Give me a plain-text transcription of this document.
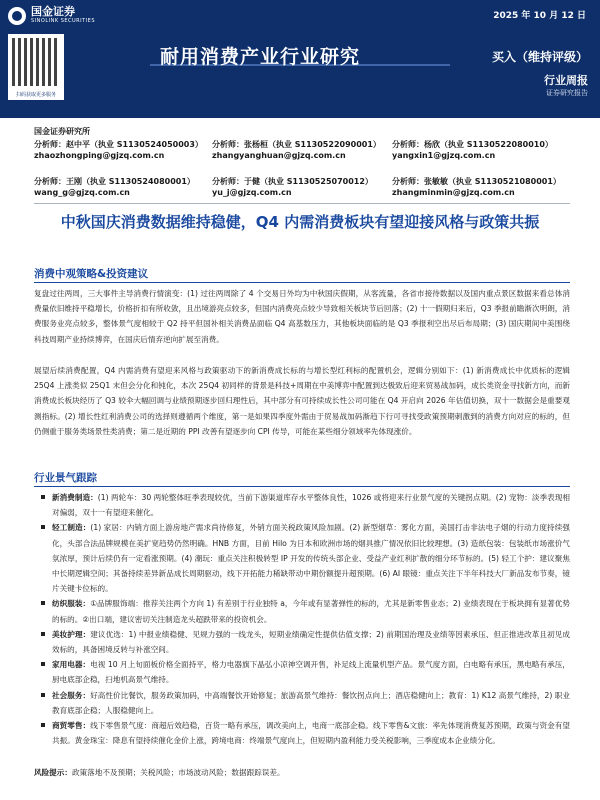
国金证券
SINOLINK SECURITIES
扫码获取更多服务
2025 年 10 月 12 日
耐用消费产业行业研究	买入（维持评级）
行业周报
证券研究报告
国金证券研究所
分析师：赵中平（执业 S1130524050003）
zhaozhongping@gjzq.com.cn
分析师：张杨桓（执业 S1130522090001）
zhangyanghuan@gjzq.com.cn
分析师：杨欣（执业 S1130522080010）
yangxin1@gjzq.com.cn
分析师：王刚（执业 S1130524080001）
wang_g@gjzq.com.cn
分析师：于健（执业 S1130525070012）
yu_j@gjzq.com.cn
分析师：张敏敏（执业 S1130521080001）
zhangminmin@gjzq.com.cn
中秋国庆消费数据维持稳健，Q4 内需消费板块有望迎接风格与政策共振
消费中观策略&投资建议

复盘过往两周，三大事件主导消费行情演变：(1) 过往两周除了 4 个交易日外均为中秋国庆假期，从客流量，各省市接待数据以及国内重点景区数据来看总体消费量依旧维持平稳增长，价格折扣有所收敛，且出境游亮点较多，但国内消费亮点较少导致相关板块节后回落；(2) 十一假期归来后，Q3 季报前瞻渐次明朗，消费服务业亮点较多，整体景气度相较于 Q2 持平但国补相关消费品面临 Q4 高基数压力，其他板块面临的是 Q3 季报利空出尽后布局期；(3) 国庆期间中美围绕科技周期产业持续博弈，在国庆后情弃逆向扩展至消费。

展望后续消费配置，Q4 内需消费有望迎来风格与政策驱动下的新消费成长标的与增长型红利标的配置机会，逻辑分别如下：(1) 新消费成长中优质标的逻辑 25Q4 上涨类似 25Q1 末但会分化和钝化，本次 25Q4 初同样的背景是科技+周期在中美博弈中配置到达极致后迎来贸易战加码，成长类资金寻找新方向，而新消费成长板块经历了 Q3 较伞大幅回调与业绩预期逐步回归理性后，其中部分有可持续成长性公司可能在 Q4 开启向 2026 年估值切换，双十一数据会是重要观测指标。(2) 增长性红利消费公司的选择则遵循两个维度，第一是如果四季度外需由于贸易战加码渐趋下行可寻找受政策预期刺激到的消费方向对应的标的，但仍侧重于服务类场景性类消费；第二是近期的 PPI 改善有望逐步向 CPI 传导，可能在某些细分领域率先体现涨价。

行业景气跟踪
新消费制造：(1) 两轮车：30 两轮整体旺季表现较优，当前下游渠道库存水平整体良性，1026 或将迎来行业景气度的关键拐点期。(2) 宠物：淡季表现相对偏弱，双十一有望迎来催化。
轻工制造：(1) 家居：内销方面上游房地产需求尚待修复，外销方面关税政策风险加剧。(2) 新型烟草：雾化方面，美国打击非法电子烟的行动力度持续强化，头部合法品牌规模在美扩宽趋势仍然明确。HNB 方面，目前 Hilo 为日本和欧洲市场的烟具推广情况依旧比较理想。(3) 造纸包装：包装纸市场涨价气氛浓厚，预计后续仍有一定看涨预期。(4) 潮玩：重点关注积极转型 IP 开发的传统头部企业、受益产业红利扩散的细分环节标的。(5) 轻工个护：建议聚焦中长期逻辑空间；其备持续差异新品成长周期驱动，线下开拓能力稀缺带动中期份额提升超预期。(6) AI 眼镜：重点关注下半年科技大厂新品发布节奏，镜片关键卡位标的。
纺织服装：①品牌服饰端：推荐关注两个方向 1) 有差别于行业独特 a，今年或有显著弹性的标的，尤其是新零售业态；2) 业绩表现在于板块拥有显著优势的标的。②出口端，建议密切关注制造龙头超跌带来的投资机会。
美妆护理：建议优选：1) 中报业绩稳健、见规力强的一线龙头，短期业绩确定性提供估值支撑；2) 前期国治理及业绩等因素承压、但正推进改革且初见成效标的，具备困境反转与补涨空间。
家用电器：电视 10 月上旬面板价格全面持平，格力电器旗下晶弘小凉神空调开售，补足线上流量机型产品。景气度方面，白电略有承压，黑电略有承压，厨电底部企稳，扫地机高景气维持。
社会服务：好高性价比餐饮，服务政策加码，中高端餐饮开始修复；旅游高景气维持：餐饮拐点向上；酒店稳健向上；教育：1) K12 高景气维持，2) 职业教育底部企稳；人服稳健向上。
商贸零售：线下零售景气度：商超后效趋稳，百货一略有承压，调改美向上，电商一底部企稳。线下零售&文旅：率先体现消费复苏预期，政策与资金有望共振。黄金珠宝：降息有望持续催化金价上涨，跨境电商：终端景气度向上，但短期内盈利能力受关税影响，三季度成本企业绩分化。
风险提示：政策落地不及预期；关税风险；市场波动风险；数据跟踪误差。
